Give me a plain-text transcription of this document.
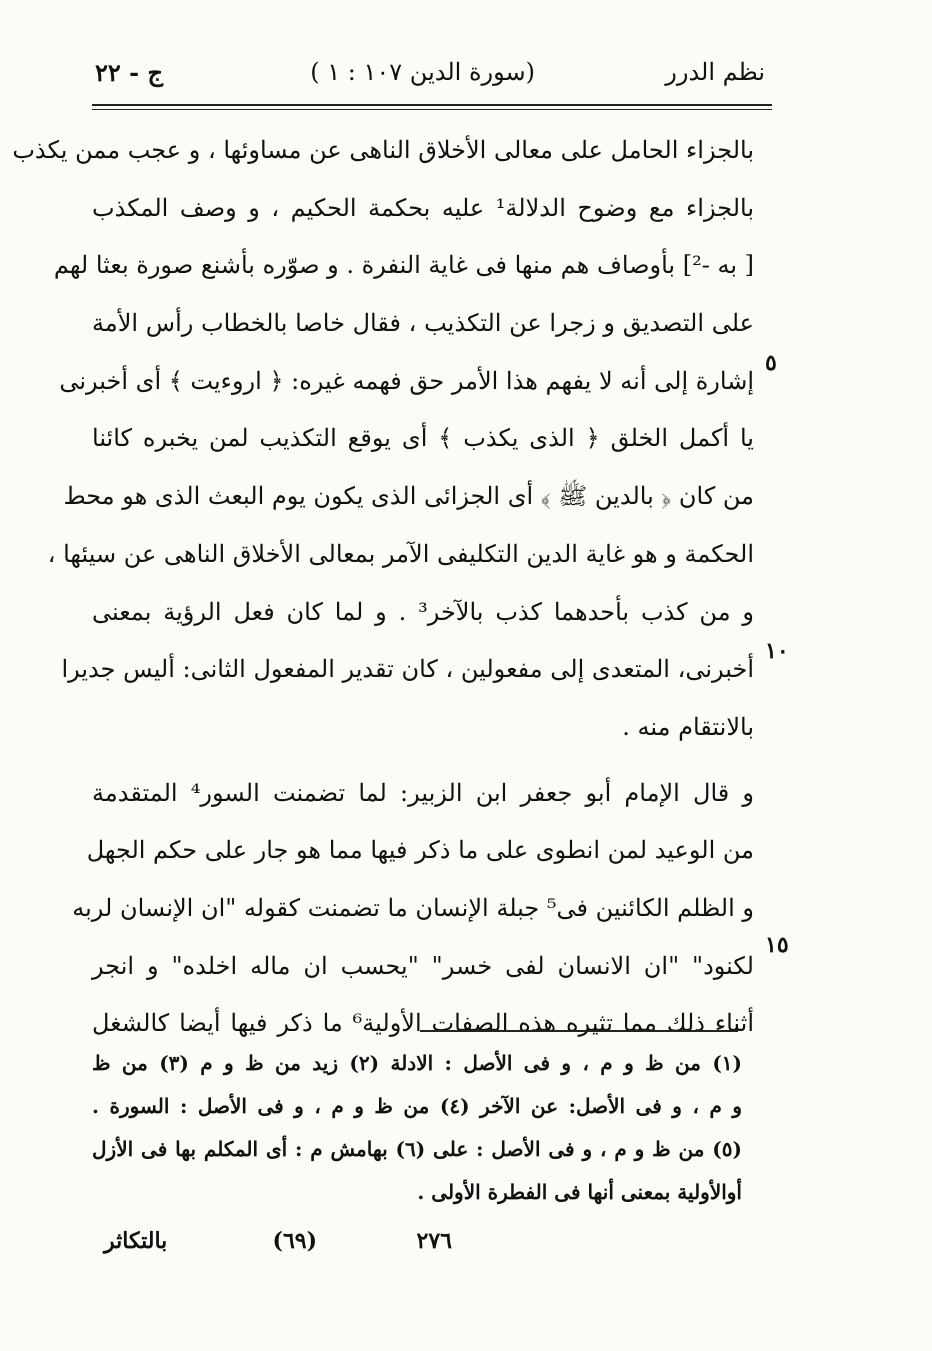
نظم الدرر
(سورة الدين ١٠٧ : ١ )
ج - ٢٢
بالجزاء الحامل على معالى الأخلاق الناهى عن مساوئها ، و عجب ممن يكذب
بالجزاء مع وضوح الدلالة¹ عليه بحكمة الحكيم ، و وصف المكذب
[ به -²] بأوصاف هم منها فى غاية النفرة . و صوّره بأشنع صورة بعثا لهم
على التصديق و زجرا عن التكذيب ، فقال خاصا بالخطاب رأس الأمة
إشارة إلى أنه لا يفهم هذا الأمر حق فهمه غيره: ﴿ اروءيت ﴾ أى أخبرنى
يا أكمل الخلق ﴿ الذى يكذب ﴾ أى يوقع التكذيب لمن يخبره كائنا
من كان ﴿ بالدين ﷺ ﴾ أى الجزائى الذى يكون يوم البعث الذى هو محط
الحكمة و هو غاية الدين التكليفى الآمر بمعالى الأخلاق الناهى عن سيئها ،
و من كذب بأحدهما كذب بالآخر³ . و لما كان فعل الرؤية بمعنى
أخبرنى، المتعدى إلى مفعولين ، كان تقدير المفعول الثانى: أليس جديرا
بالانتقام منه .
و قال الإمام أبو جعفر ابن الزبير: لما تضمنت السور⁴ المتقدمة
من الوعيد لمن انطوى على ما ذكر فيها مما هو جار على حكم الجهل
و الظلم الكائنين فى⁵ جبلة الإنسان ما تضمنت كقوله "ان الإنسان لربه
لكنود" "ان الانسان لفى خسر" "يحسب ان ماله اخلده" و انجر
أثناء ذلك مما تثيره هذه الصفات الأولية⁶ ما ذكر فيها أيضا كالشغل
٥
١٠
١٥
(١) من ظ و م ، و فى الأصل : الادلة (٢) زيد من ظ و م (٣) من ظ
و م ، و فى الأصل: عن الآخر (٤) من ظ و م ، و فى الأصل : السورة .
(٥) من ظ و م ، و فى الأصل : على (٦) بهامش م : أى المكلم بها فى الأزل
أوالأولية بمعنى أنها فى الفطرة الأولى .
٢٧٦
(٦٩)
بالتكاثر
